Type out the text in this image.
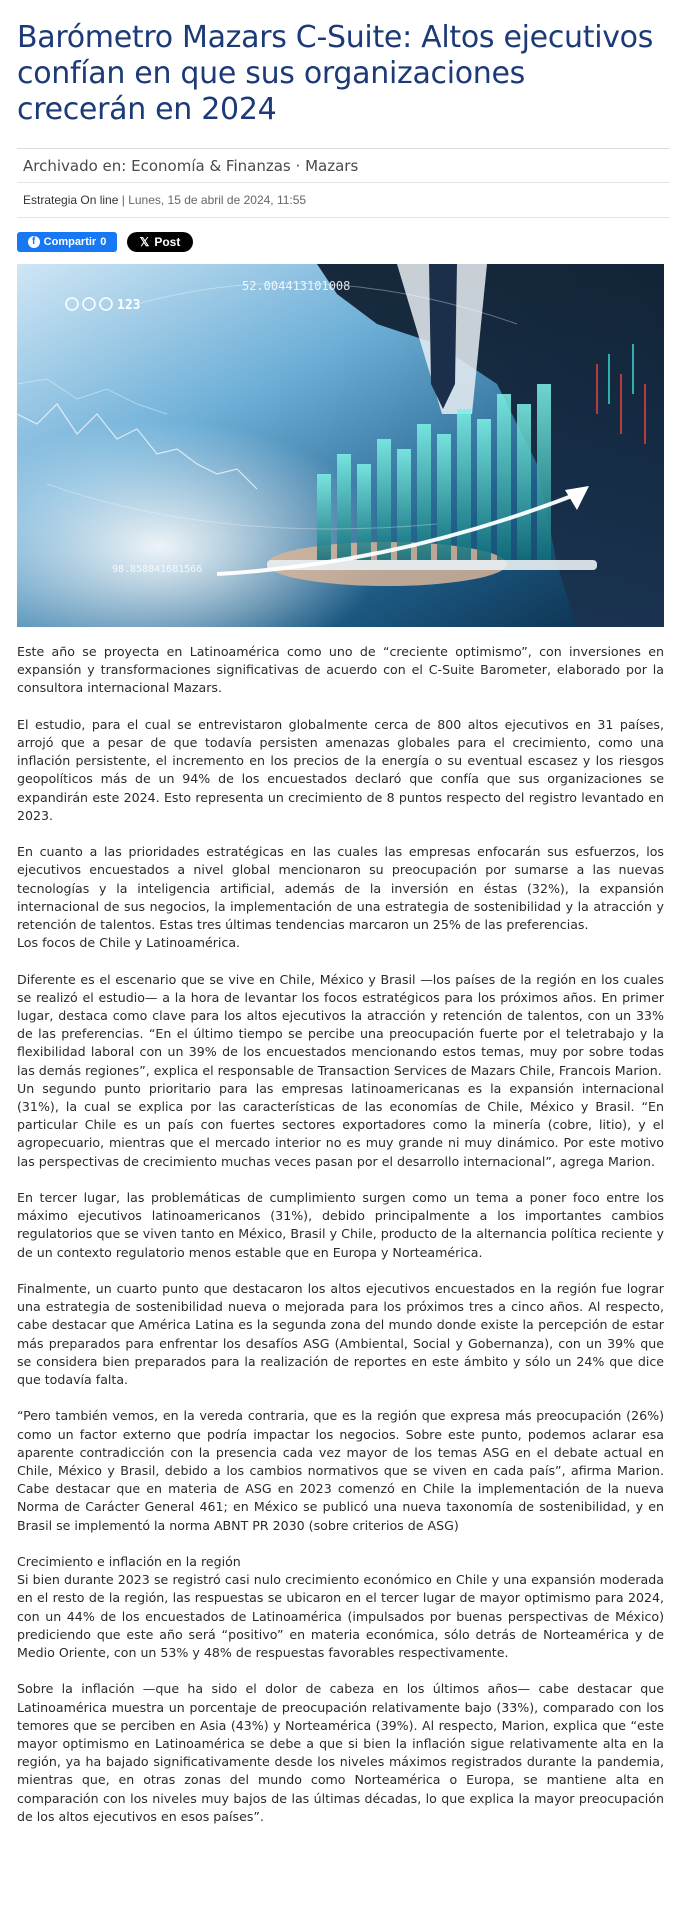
Barómetro Mazars C-Suite: Altos ejecutivos confían en que sus organizaciones crecerán en 2024
Archivado en: Economía & Finanzas · Mazars
Estrategia On line | Lunes, 15 de abril de 2024, 11:55
f Compartir 0	𝕏 Post
123
52.004413101008
98.858841681566

Este año se proyecta en Latinoamérica como uno de “creciente optimismo”, con inversiones en expansión y transformaciones significativas de acuerdo con el C-Suite Barometer, elaborado por la consultora internacional Mazars.

El estudio, para el cual se entrevistaron globalmente cerca de 800 altos ejecutivos en 31 países, arrojó que a pesar de que todavía persisten amenazas globales para el crecimiento, como una inflación persistente, el incremento en los precios de la energía o su eventual escasez y los riesgos geopolíticos más de un 94% de los encuestados declaró que confía que sus organizaciones se expandirán este 2024. Esto representa un crecimiento de 8 puntos respecto del registro levantado en 2023.

En cuanto a las prioridades estratégicas en las cuales las empresas enfocarán sus esfuerzos, los ejecutivos encuestados a nivel global mencionaron su preocupación por sumarse a las nuevas tecnologías y la inteligencia artificial, además de la inversión en éstas (32%), la expansión internacional de sus negocios, la implementación de una estrategia de sostenibilidad y la atracción y retención de talentos. Estas tres últimas tendencias marcaron un 25% de las preferencias.

Los focos de Chile y Latinoamérica.

Diferente es el escenario que se vive en Chile, México y Brasil —los países de la región en los cuales se realizó el estudio— a la hora de levantar los focos estratégicos para los próximos años. En primer lugar, destaca como clave para los altos ejecutivos la atracción y retención de talentos, con un 33% de las preferencias. “En el último tiempo se percibe una preocupación fuerte por el teletrabajo y la flexibilidad laboral con un 39% de los encuestados mencionando estos temas, muy por sobre todas las demás regiones”, explica el responsable de Transaction Services de Mazars Chile, Francois Marion.

Un segundo punto prioritario para las empresas latinoamericanas es la expansión internacional (31%), la cual se explica por las características de las economías de Chile, México y Brasil. “En particular Chile es un país con fuertes sectores exportadores como la minería (cobre, litio), y el agropecuario, mientras que el mercado interior no es muy grande ni muy dinámico. Por este motivo las perspectivas de crecimiento muchas veces pasan por el desarrollo internacional”, agrega Marion.

En tercer lugar, las problemáticas de cumplimiento surgen como un tema a poner foco entre los máximo ejecutivos latinoamericanos (31%), debido principalmente a los importantes cambios regulatorios que se viven tanto en México, Brasil y Chile, producto de la alternancia política reciente y de un contexto regulatorio menos estable que en Europa y Norteamérica.

Finalmente, un cuarto punto que destacaron los altos ejecutivos encuestados en la región fue lograr una estrategia de sostenibilidad nueva o mejorada para los próximos tres a cinco años. Al respecto, cabe destacar que América Latina es la segunda zona del mundo donde existe la percepción de estar más preparados para enfrentar los desafíos ASG (Ambiental, Social y Gobernanza), con un 39% que se considera bien preparados para la realización de reportes en este ámbito y sólo un 24% que dice que todavía falta.

“Pero también vemos, en la vereda contraria, que es la región que expresa más preocupación (26%) como un factor externo que podría impactar los negocios. Sobre este punto, podemos aclarar esa aparente contradicción con la presencia cada vez mayor de los temas ASG en el debate actual en Chile, México y Brasil, debido a los cambios normativos que se viven en cada país”, afirma Marion. Cabe destacar que en materia de ASG en 2023 comenzó en Chile la implementación de la nueva Norma de Carácter General 461; en México se publicó una nueva taxonomía de sostenibilidad, y en Brasil se implementó la norma ABNT PR 2030 (sobre criterios de ASG)

Crecimiento e inflación en la región

Si bien durante 2023 se registró casi nulo crecimiento económico en Chile y una expansión moderada en el resto de la región, las respuestas se ubicaron en el tercer lugar de mayor optimismo para 2024, con un 44% de los encuestados de Latinoamérica (impulsados por buenas perspectivas de México) prediciendo que este año será “positivo” en materia económica, sólo detrás de Norteamérica y de Medio Oriente, con un 53% y 48% de respuestas favorables respectivamente.

Sobre la inflación —que ha sido el dolor de cabeza en los últimos años— cabe destacar que Latinoamérica muestra un porcentaje de preocupación relativamente bajo (33%), comparado con los temores que se perciben en Asia (43%) y Norteamérica (39%). Al respecto, Marion, explica que “este mayor optimismo en Latinoamérica se debe a que si bien la inflación sigue relativamente alta en la región, ya ha bajado significativamente desde los niveles máximos registrados durante la pandemia, mientras que, en otras zonas del mundo como Norteamérica o Europa, se mantiene alta en comparación con los niveles muy bajos de las últimas décadas, lo que explica la mayor preocupación de los altos ejecutivos en esos países”.
